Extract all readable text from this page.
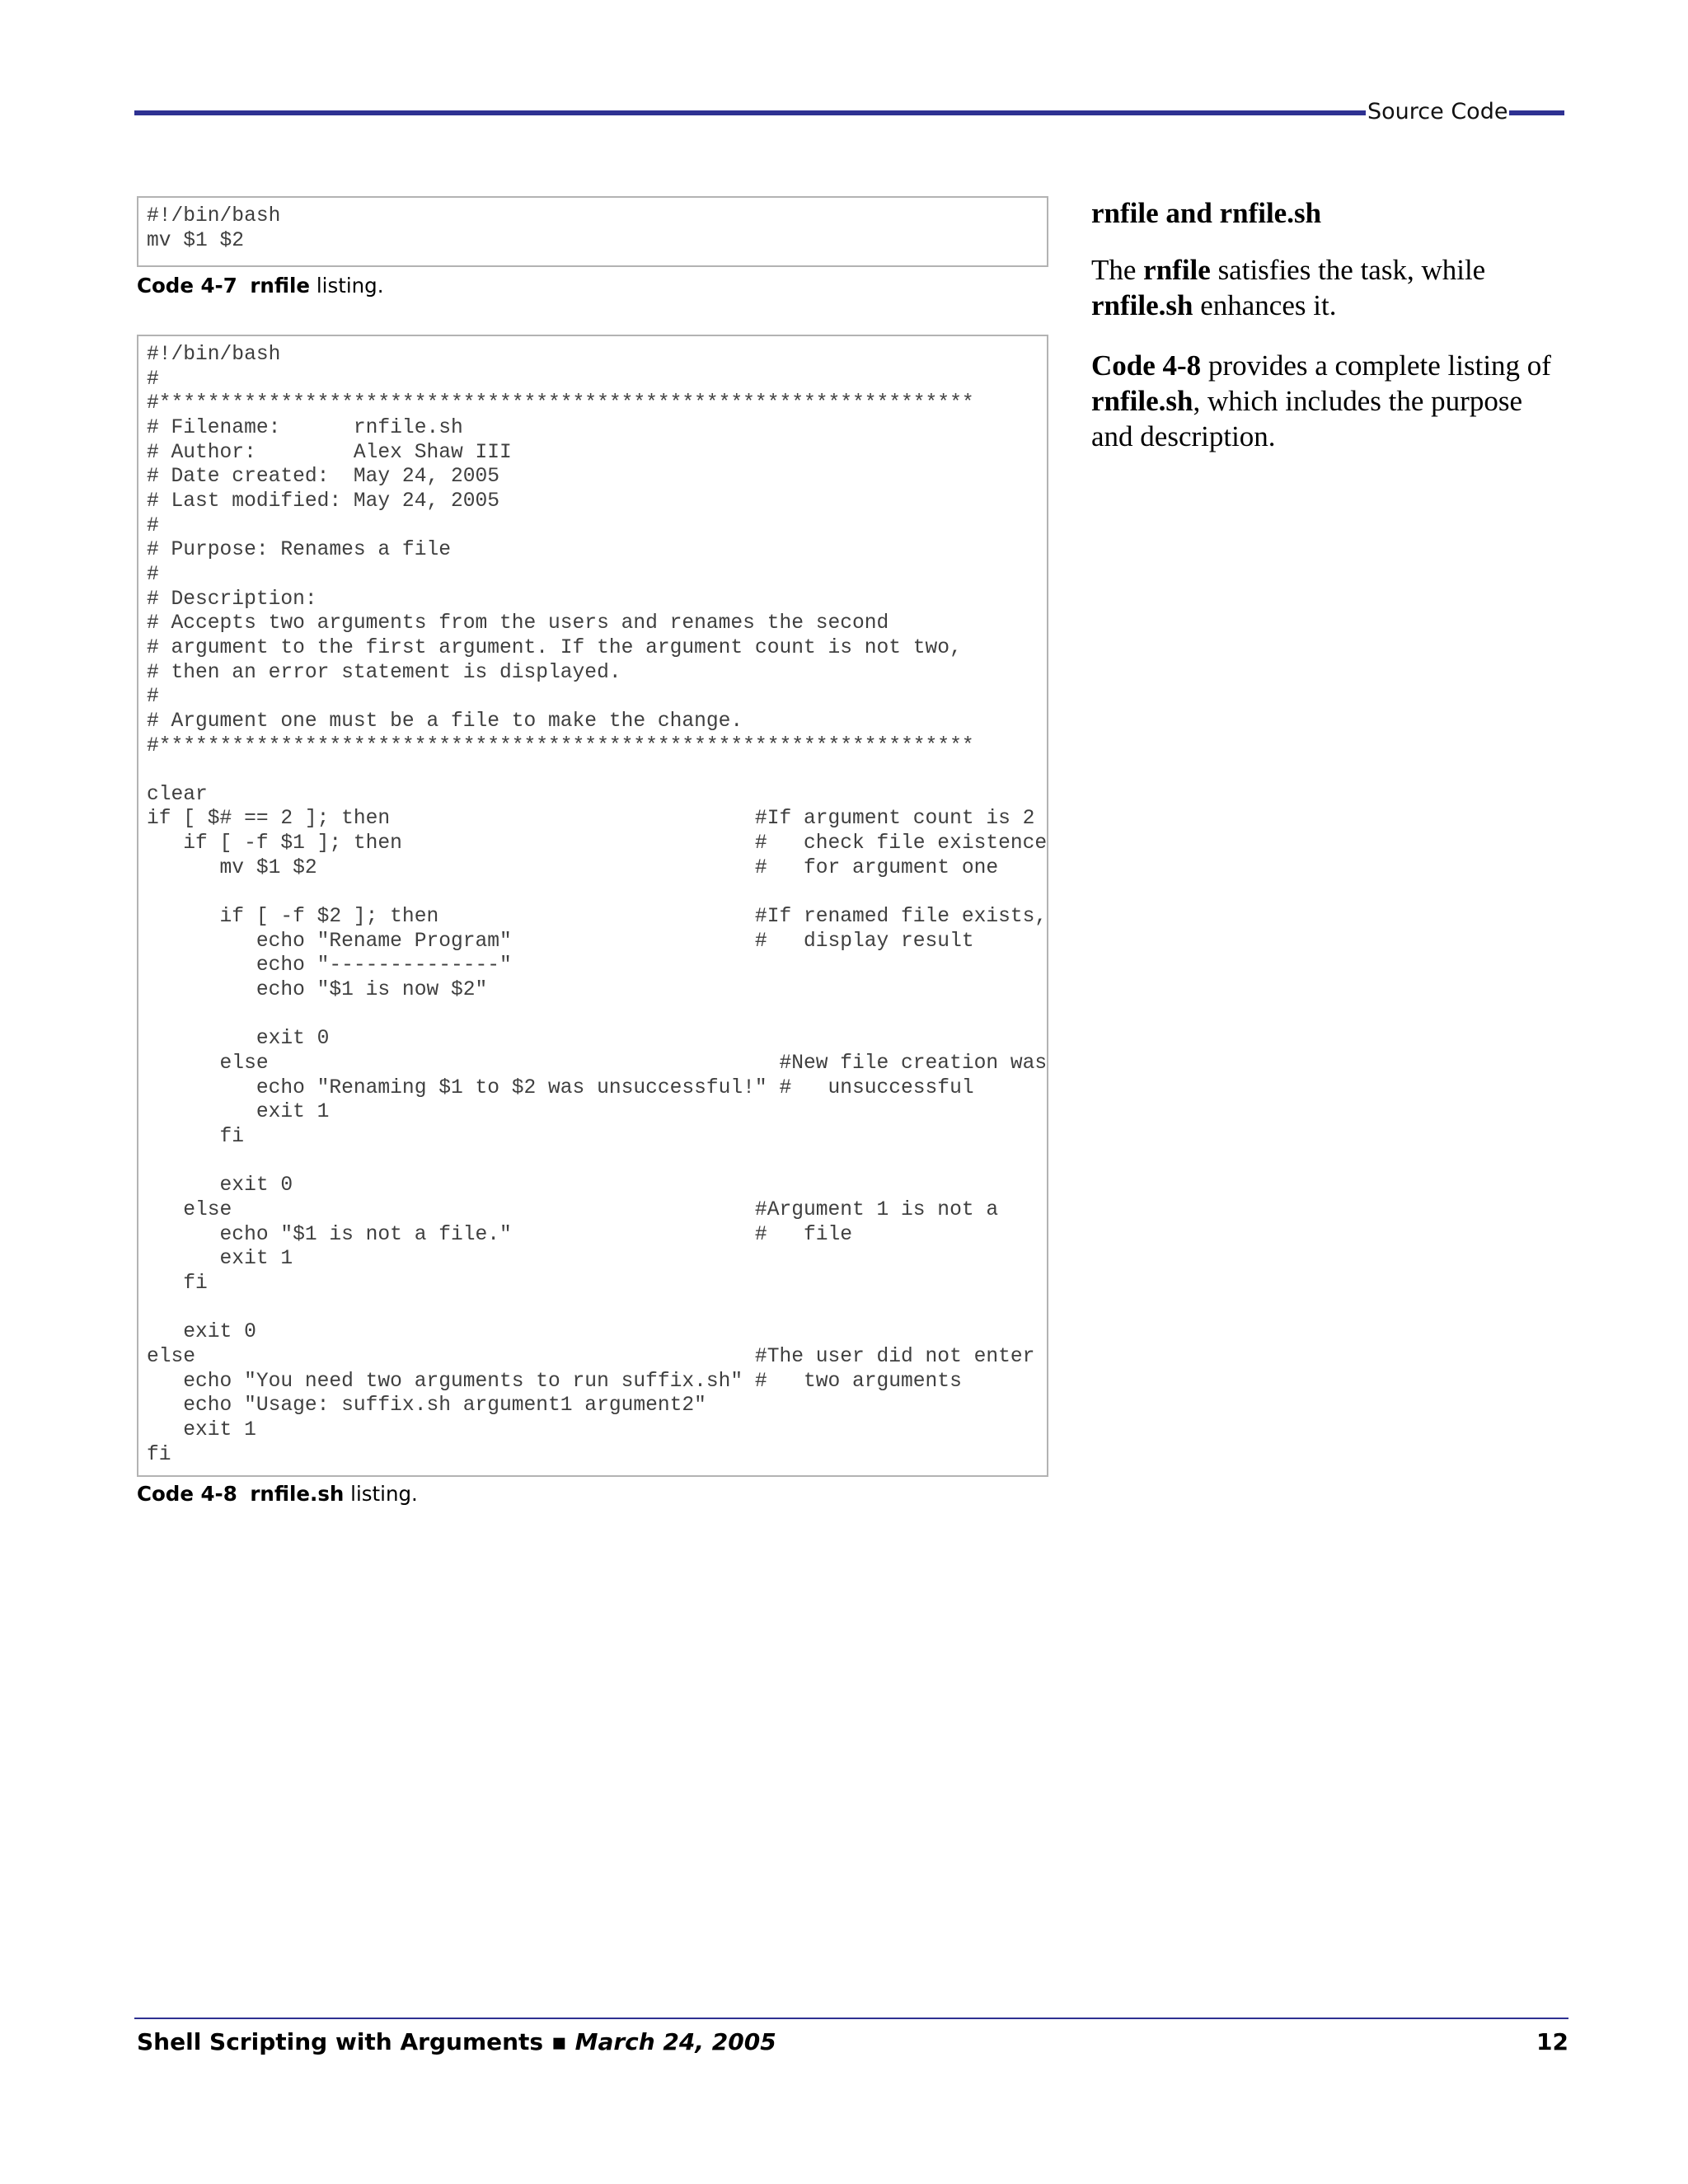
Source Code
#!/bin/bash
mv $1 $2
Code 4-7 rnfile listing.
#!/bin/bash
#
#*******************************************************************
# Filename:      rnfile.sh
# Author:        Alex Shaw III
# Date created:  May 24, 2005
# Last modified: May 24, 2005
#
# Purpose: Renames a file
#
# Description:
# Accepts two arguments from the users and renames the second
# argument to the first argument. If the argument count is not two,
# then an error statement is displayed.
#
# Argument one must be a file to make the change.
#*******************************************************************

clear
if [ $# == 2 ]; then                              #If argument count is 2
if [ -f $1 ]; then                             #   check file existence
mv $1 $2                                    #   for argument one

if [ -f $2 ]; then                          #If renamed file exists,
echo "Rename Program"                    #   display result
echo "--------------"
echo "$1 is now $2"

exit 0
else                                          #New file creation was
echo "Renaming $1 to $2 was unsuccessful!" #   unsuccessful
exit 1
fi

exit 0
else                                           #Argument 1 is not a
echo "$1 is not a file."                    #   file
exit 1
fi

exit 0
else                                              #The user did not enter
echo "You need two arguments to run suffix.sh" #   two arguments
echo "Usage: suffix.sh argument1 argument2"
exit 1
fi
Code 4-8 rnfile.sh listing.

rnfile and rnfile.sh

The rnfile satisfies the task, while rnfile.sh enhances it.

Code 4-8 provides a complete listing of rnfile.sh, which includes the purpose and description.

Shell Scripting with Arguments ▪ March 24, 2005	12
